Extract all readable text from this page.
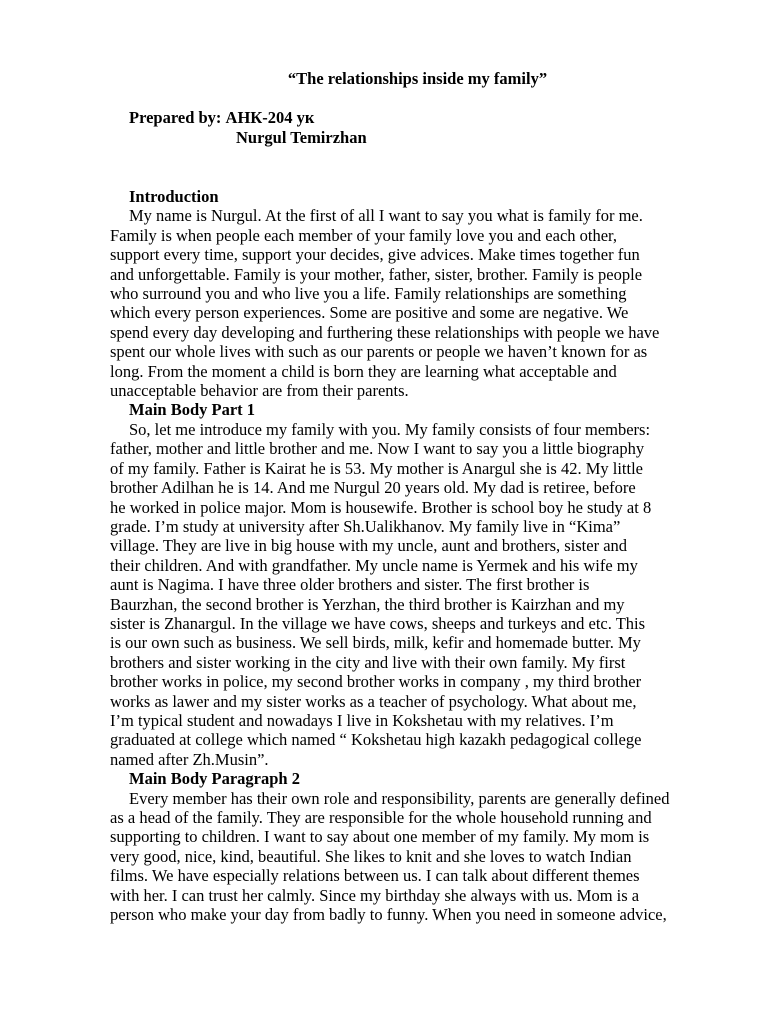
“The relationships inside my family”
Prepared by: АНК-204 ук
Nurgul Temirzhan
Introduction
My name is Nurgul. At the first of all I want to say you what is family for me.
Family is when people each member of your family love you and each other,
support every time, support your decides, give advices. Make times together fun
and unforgettable. Family is your mother, father, sister, brother. Family is people
who surround you and who live you a life. Family relationships are something
which every person experiences. Some are positive and some are negative. We
spend every day developing and furthering these relationships with people we have
spent our whole lives with such as our parents or people we haven’t known for as
long. From the moment a child is born they are learning what acceptable and
unacceptable behavior are from their parents.
Main Body Part 1
So, let me introduce my family with you. My family consists of four members:
father, mother and little brother and me. Now I want to say you a little biography
of my family. Father is Kairat he is 53. My mother is Anargul she is 42. My little
brother Adilhan he is 14. And me Nurgul 20 years old. My dad is retiree, before
he worked in police major. Mom is housewife. Brother is school boy he study at 8
grade. I’m study at university after Sh.Ualikhanov. My family live in “Kima”
village. They are live in big house with my uncle, aunt and brothers, sister and
their children. And with grandfather. My uncle name is Yermek and his wife my
aunt is Nagima. I have three older brothers and sister. The first brother is
Baurzhan, the second brother is Yerzhan, the third brother is Kairzhan and my
sister is Zhanargul. In the village we have cows, sheeps and turkeys and etc. This
is our own such as business. We sell birds, milk, kefir and homemade butter. My
brothers and sister working in the city and live with their own family. My first
brother works in police, my second brother works in company , my third brother
works as lawer and my sister works as a teacher of psychology. What about me,
I’m typical student and nowadays I live in Kokshetau with my relatives. I’m
graduated at college which named “ Kokshetau high kazakh pedagogical college
named after Zh.Musin”.
Main Body Paragraph 2
Every member has their own role and responsibility, parents are generally defined
as a head of the family. They are responsible for the whole household running and
supporting to children. I want to say about one member of my family. My mom is
very good, nice, kind, beautiful. She likes to knit and she loves to watch Indian
films. We have especially relations between us. I can talk about different themes
with her. I can trust her calmly. Since my birthday she always with us. Mom is a
person who make your day from badly to funny. When you need in someone advice,
